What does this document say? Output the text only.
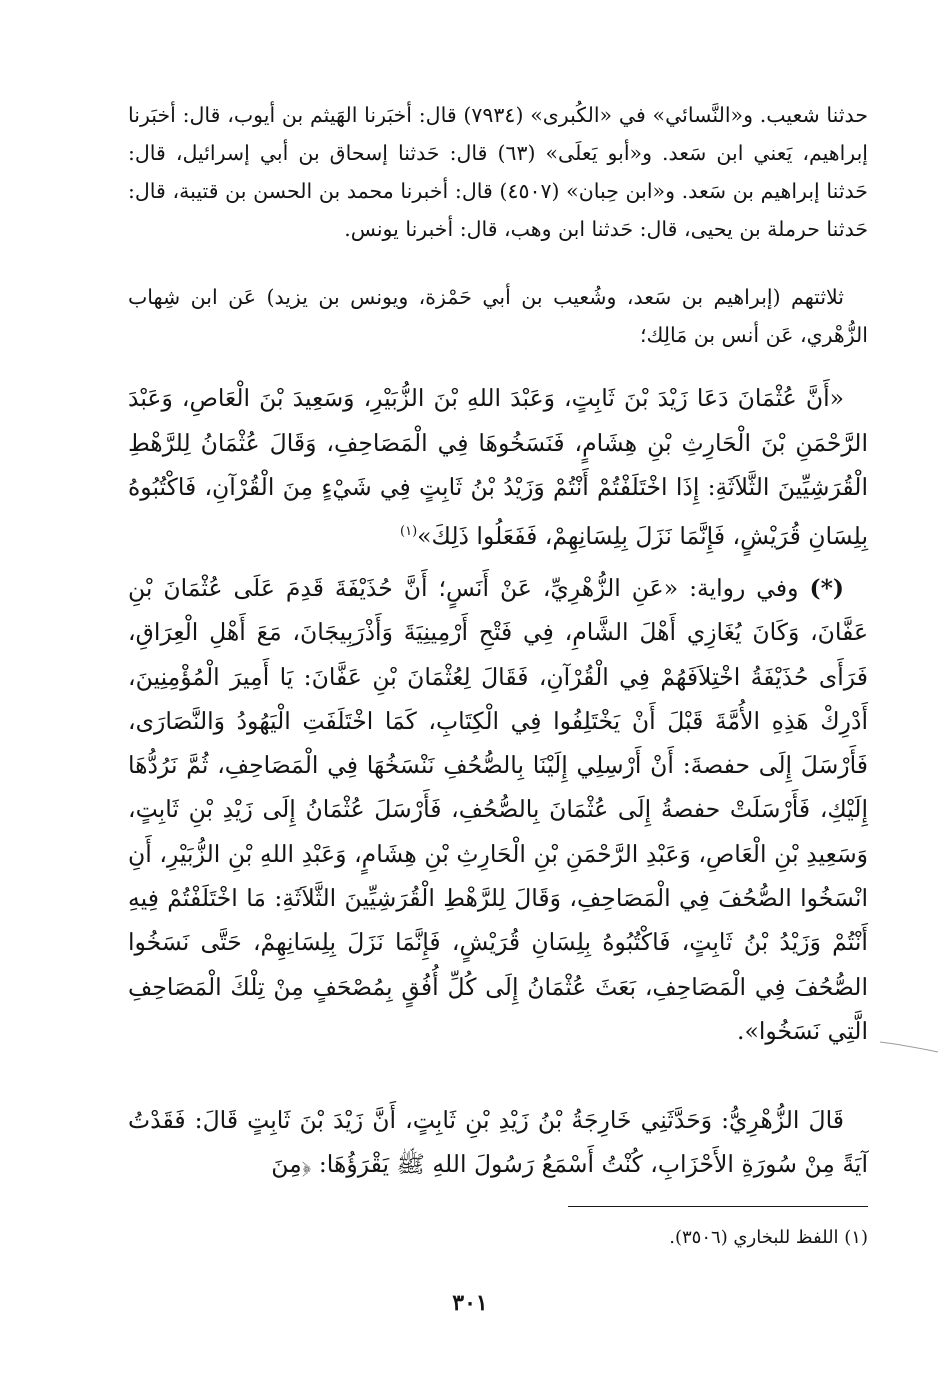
حدثنا شعيب. و«النَّسائي» في «الكُبرى» (٧٩٣٤) قال: أخبَرنا الهَيثم بن أيوب، قال: أخبَرنا إبراهيم، يَعني ابن سَعد. و«أبو يَعلَى» (٦٣) قال: حَدثنا إسحاق بن أبي إسرائيل، قال: حَدثنا إبراهيم بن سَعد. و«ابن حِبان» (٤٥٠٧) قال: أخبرنا محمد بن الحسن بن قتيبة، قال: حَدثنا حرملة بن يحيى، قال: حَدثنا ابن وهب، قال: أخبرنا يونس.

ثلاثتهم (إبراهيم بن سَعد، وشُعيب بن أبي حَمْزة، ويونس بن يزيد) عَن ابن شِهاب الزُّهْري، عَن أنس بن مَالِك؛

«أَنَّ عُثْمَانَ دَعَا زَيْدَ بْنَ ثَابِتٍ، وَعَبْدَ اللهِ بْنَ الزُّبَيْرِ، وَسَعِيدَ بْنَ الْعَاصِ، وَعَبْدَ الرَّحْمَنِ بْنَ الْحَارِثِ بْنِ هِشَامٍ، فَنَسَخُوهَا فِي الْمَصَاحِفِ، وَقَالَ عُثْمَانُ لِلرَّهْطِ الْقُرَشِيِّينَ الثَّلاَثَةِ: إِذَا اخْتَلَفْتُمْ أَنْتُمْ وَزَيْدُ بْنُ ثَابِتٍ فِي شَيْءٍ مِنَ الْقُرْآنِ، فَاكْتُبُوهُ بِلِسَانِ قُرَيْشٍ، فَإِنَّمَا نَزَلَ بِلِسَانِهِمْ، فَفَعَلُوا ذَلِكَ»$^{(١)}$

(*) وفي رواية: «عَنِ الزُّهْرِيِّ، عَنْ أَنَسٍ؛ أَنَّ حُذَيْفَةَ قَدِمَ عَلَى عُثْمَانَ بْنِ عَفَّانَ، وَكَانَ يُغَازِي أَهْلَ الشَّامِ، فِي فَتْحِ أَرْمِينِيَةَ وَأَذْرَبِيجَانَ، مَعَ أَهْلِ الْعِرَاقِ، فَرَأَى حُذَيْفَةُ اخْتِلاَفَهُمْ فِي الْقُرْآنِ، فَقَالَ لِعُثْمَانَ بْنِ عَفَّانَ: يَا أَمِيرَ الْمُؤْمِنِينَ، أَدْرِكْ هَذِهِ الأُمَّةَ قَبْلَ أَنْ يَخْتَلِفُوا فِي الْكِتَابِ، كَمَا اخْتَلَفَتِ الْيَهُودُ وَالنَّصَارَى، فَأَرْسَلَ إِلَى حفصةَ: أَنْ أَرْسِلِي إِلَيْنَا بِالصُّحُفِ نَنْسَخُهَا فِي الْمَصَاحِفِ، ثُمَّ نَرُدُّهَا إِلَيْكِ، فَأَرْسَلَتْ حفصةُ إِلَى عُثْمَانَ بِالصُّحُفِ، فَأَرْسَلَ عُثْمَانُ إِلَى زَيْدِ بْنِ ثَابِتٍ، وَسَعِيدِ بْنِ الْعَاصِ، وَعَبْدِ الرَّحْمَنِ بْنِ الْحَارِثِ بْنِ هِشَامٍ، وَعَبْدِ اللهِ بْنِ الزُّبَيْرِ، أَنِ انْسَخُوا الصُّحُفَ فِي الْمَصَاحِفِ، وَقَالَ لِلرَّهْطِ الْقُرَشِيِّينَ الثَّلاَثَةِ: مَا اخْتَلَفْتُمْ فِيهِ أَنْتُمْ وَزَيْدُ بْنُ ثَابِتٍ، فَاكْتُبُوهُ بِلِسَانِ قُرَيْشٍ، فَإِنَّمَا نَزَلَ بِلِسَانِهِمْ، حَتَّى نَسَخُوا الصُّحُفَ فِي الْمَصَاحِفِ، بَعَثَ عُثْمَانُ إِلَى كُلِّ أُفُقٍ بِمُصْحَفٍ مِنْ تِلْكَ الْمَصَاحِفِ الَّتِي نَسَخُوا».

قَالَ الزُّهْرِيُّ: وَحَدَّثَنِي خَارِجَةُ بْنُ زَيْدِ بْنِ ثَابِتٍ، أَنَّ زَيْدَ بْنَ ثَابِتٍ قَالَ: فَقَدْتُ آيَةً مِنْ سُورَةِ الأَحْزَابِ، كُنْتُ أَسْمَعُ رَسُولَ اللهِ ﷺ يَقْرَؤُهَا: ﴿مِنَ

(١) اللفظ للبخاري (٣٥٠٦).
٣٠١
